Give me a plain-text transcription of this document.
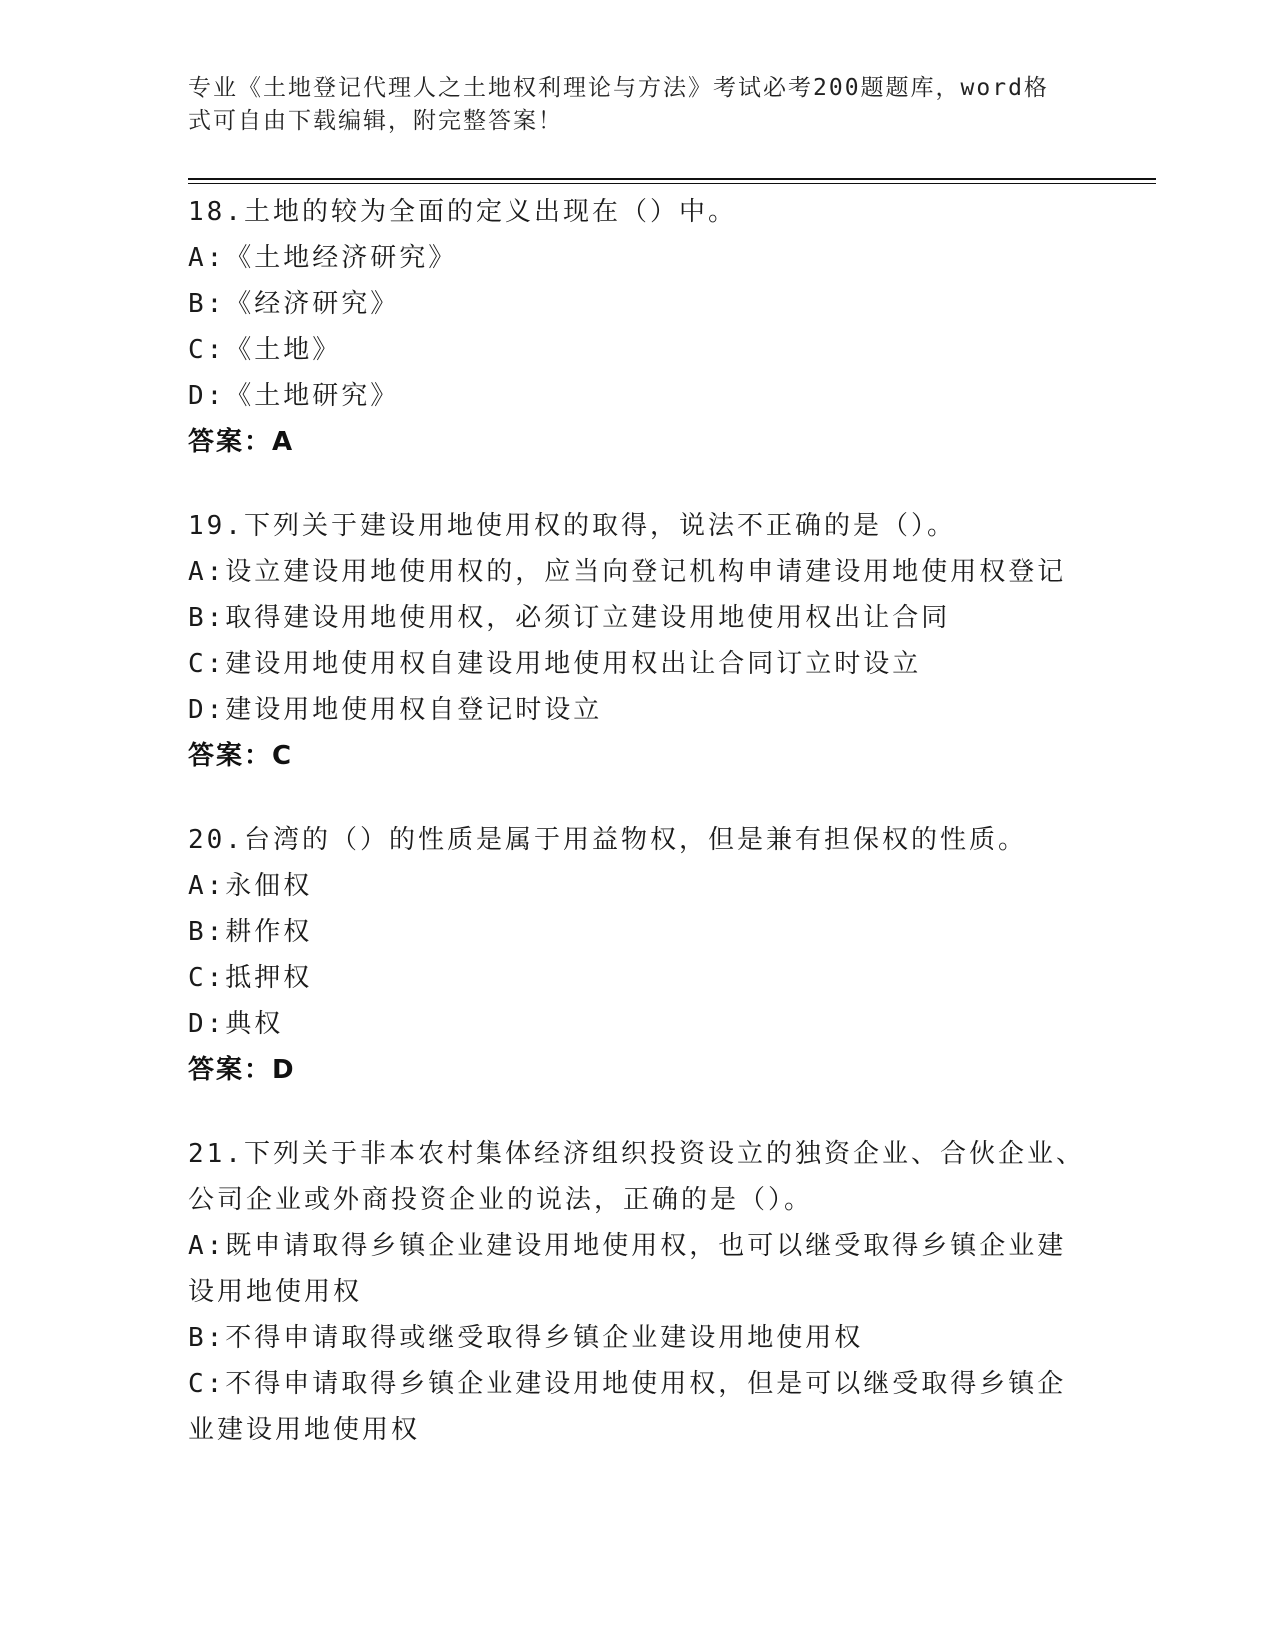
专业《土地登记代理人之土地权利理论与方法》考试必考200题题库，word格式可自由下载编辑，附完整答案！
18.土地的较为全面的定义出现在（）中。
A:《土地经济研究》
B:《经济研究》
C:《土地》
D:《土地研究》
答案：A
19.下列关于建设用地使用权的取得，说法不正确的是（）。
A:设立建设用地使用权的，应当向登记机构申请建设用地使用权登记
B:取得建设用地使用权，必须订立建设用地使用权出让合同
C:建设用地使用权自建设用地使用权出让合同订立时设立
D:建设用地使用权自登记时设立
答案：C
20.台湾的（）的性质是属于用益物权，但是兼有担保权的性质。
A:永佃权
B:耕作权
C:抵押权
D:典权
答案：D
21.下列关于非本农村集体经济组织投资设立的独资企业、合伙企业、公司企业或外商投资企业的说法，正确的是（）。
A:既申请取得乡镇企业建设用地使用权，也可以继受取得乡镇企业建设用地使用权
B:不得申请取得或继受取得乡镇企业建设用地使用权
C:不得申请取得乡镇企业建设用地使用权，但是可以继受取得乡镇企业建设用地使用权
